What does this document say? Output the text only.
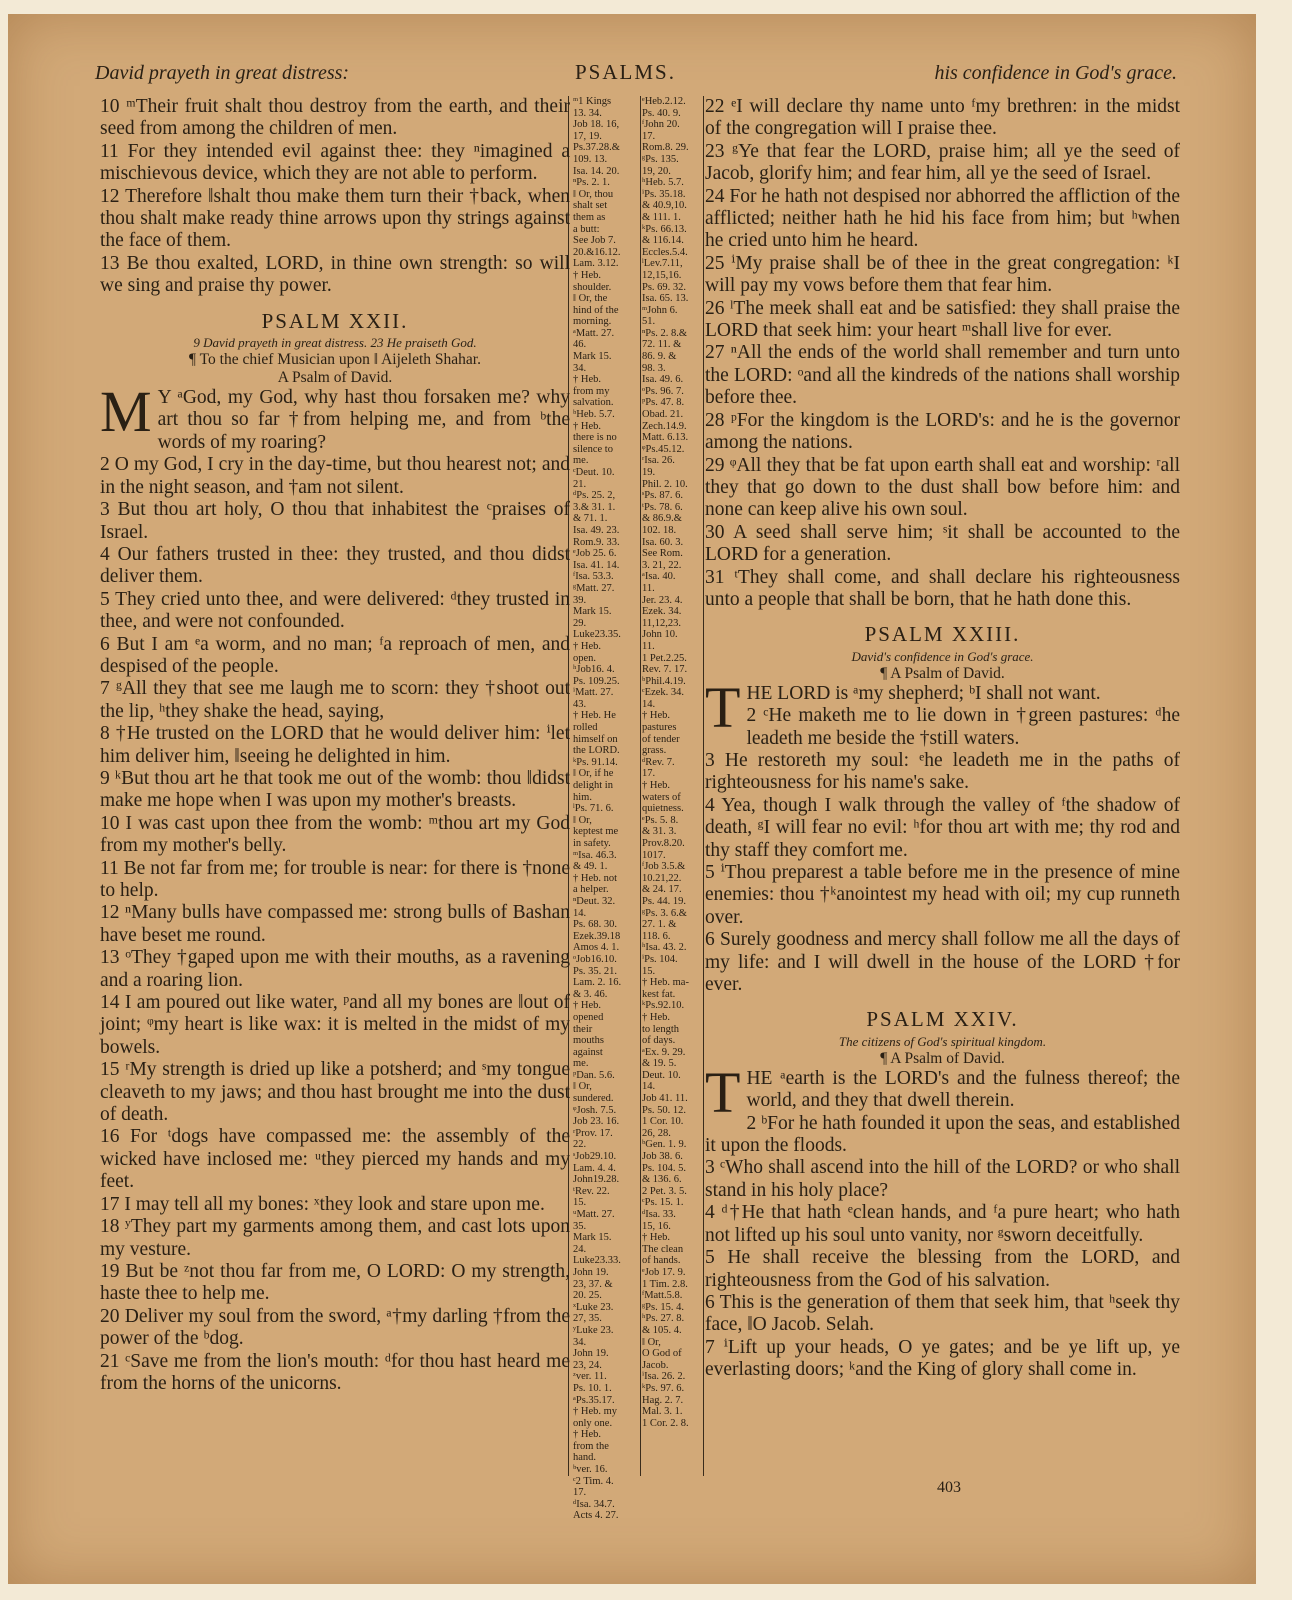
David prayeth in great distress:	PSALMS.	his confidence in God's grace.

10 ᵐTheir fruit shalt thou destroy from the earth, and their seed from among the children of men.

11 For they intended evil against thee: they ⁿimagined a mischievous device, which they are not able to perform.

12 Therefore ‖shalt thou make them turn their †back, when thou shalt make ready thine arrows upon thy strings against the face of them.

13 Be thou exalted, LORD, in thine own strength: so will we sing and praise thy power.

PSALM XXII.
9 David prayeth in great distress. 23 He praiseth God.
¶ To the chief Musician upon ‖ Aijeleth Shahar.
A Psalm of David.

M Y ᵃGod, my God, why hast thou forsaken me? why art thou so far †from helping me, and from ᵇthe words of my roaring?

2 O my God, I cry in the day-time, but thou hearest not; and in the night season, and †am not silent.

3 But thou art holy, O thou that inhabitest the ᶜpraises of Israel.

4 Our fathers trusted in thee: they trusted, and thou didst deliver them.

5 They cried unto thee, and were delivered: ᵈthey trusted in thee, and were not confounded.

6 But I am ᵉa worm, and no man; ᶠa reproach of men, and despised of the people.

7 ᵍAll they that see me laugh me to scorn: they †shoot out the lip, ʰthey shake the head, saying,

8 †He trusted on the LORD that he would deliver him: ⁱlet him deliver him, ‖seeing he delighted in him.

9 ᵏBut thou art he that took me out of the womb: thou ‖didst make me hope when I was upon my mother's breasts.

10 I was cast upon thee from the womb: ᵐthou art my God from my mother's belly.

11 Be not far from me; for trouble is near: for there is †none to help.

12 ⁿMany bulls have compassed me: strong bulls of Bashan have beset me round.

13 ᵒThey †gaped upon me with their mouths, as a ravening and a roaring lion.

14 I am poured out like water, ᵖand all my bones are ‖out of joint; ᵠmy heart is like wax: it is melted in the midst of my bowels.

15 ʳMy strength is dried up like a potsherd; and ˢmy tongue cleaveth to my jaws; and thou hast brought me into the dust of death.

16 For ᵗdogs have compassed me: the assembly of the wicked have inclosed me: ᵘthey pierced my hands and my feet.

17 I may tell all my bones: ˣthey look and stare upon me.

18 ʸThey part my garments among them, and cast lots upon my vesture.

19 But be ᶻnot thou far from me, O LORD: O my strength, haste thee to help me.

20 Deliver my soul from the sword, ᵃ†my darling †from the power of the ᵇdog.

21 ᶜSave me from the lion's mouth: ᵈfor thou hast heard me from the horns of the unicorns.

ᵐ1 Kings
13. 34.
Job 18. 16,
17, 19.
Ps.37.28.&
109. 13.
Isa. 14. 20.
ⁿPs. 2. 1.
‖ Or, thou
shalt set
them as
a butt:
See Job 7.
20.&16.12.
Lam. 3.12.
† Heb.
shoulder.
‖ Or, the
hind of the
morning.
ᵃMatt. 27.
46.
Mark 15.
34.
† Heb.
from my
salvation.
ᵇHeb. 5.7.
† Heb.
there is no
silence to
me.
ᶜDeut. 10.
21.
ᵈPs. 25. 2,
3.& 31. 1.
& 71. 1.
Isa. 49. 23.
Rom.9. 33.
ᵉJob 25. 6.
Isa. 41. 14.
ᶠIsa. 53.3.
ᵍMatt. 27.
39.
Mark 15.
29.
Luke23.35.
† Heb.
open.
ʰJob16. 4.
Ps. 109.25.
ⁱMatt. 27.
43.
† Heb. He
rolled
himself on
the LORD.
ᵏPs. 91.14.
‖ Or, if he
delight in
him.
ˡPs. 71. 6.
‖ Or,
keptest me
in safety.
ᵐIsa. 46.3.
& 49. 1.
† Heb. not
a helper.
ⁿDeut. 32.
14.
Ps. 68. 30.
Ezek.39.18
Amos 4. 1.
ᵒJob16.10.
Ps. 35. 21.
Lam. 2. 16.
& 3. 46.
† Heb.
opened
their
mouths
against
me.
ᵖDan. 5.6.
‖ Or,
sundered.
ᵠJosh. 7.5.
Job 23. 16.
ʳProv. 17.
22.
ˢJob29.10.
Lam. 4. 4.
John19.28.
ᵗRev. 22.
15.
ᵘMatt. 27.
35.
Mark 15.
24.
Luke23.33.
John 19.
23, 37. &
20. 25.
ˣLuke 23.
27, 35.
ʸLuke 23.
34.
John 19.
23, 24.
ᶻver. 11.
Ps. 10. 1.
ᵃPs.35.17.
† Heb. my
only one.
† Heb.
from the
hand.
ᵇver. 16.
ᶜ2 Tim. 4.
17.
ᵈIsa. 34.7.
Acts 4. 27.
ᵉHeb.2.12.
Ps. 40. 9.
ᶠJohn 20.
17.
Rom.8. 29.
ᵍPs. 135.
19, 20.
ʰHeb. 5.7.
ⁱPs. 35.18.
& 40.9,10.
& 111. 1.
ᵏPs. 66.13.
& 116.14.
Eccles.5.4.
ˡLev.7.11,
12,15,16.
Ps. 69. 32.
Isa. 65. 13.
ᵐJohn 6.
51.
ⁿPs. 2. 8.&
72. 11. &
86. 9. &
98. 3.
Isa. 49. 6.
ᵒPs. 96. 7.
ᵖPs. 47. 8.
Obad. 21.
Zech.14.9.
Matt. 6.13.
ᵠPs.45.12.
ʳIsa. 26.
19.
Phil. 2. 10.
ˢPs. 87. 6.
ᵗPs. 78. 6.
& 86.9.&
102. 18.
Isa. 60. 3.
See Rom.
3. 21, 22.
ᵃIsa. 40.
11.
Jer. 23. 4.
Ezek. 34.
11,12,23.
John 10.
11.
1 Pet.2.25.
Rev. 7. 17.
ᵇPhil.4.19.
ᶜEzek. 34.
14.
† Heb.
pastures
of tender
grass.
ᵈRev. 7.
17.
† Heb.
waters of
quietness.
ᵉPs. 5. 8.
& 31. 3.
Prov.8.20.
1017.
ᶠJob 3.5.&
10.21,22.
& 24. 17.
Ps. 44. 19.
ᵍPs. 3. 6.&
27. 1. &
118. 6.
ʰIsa. 43. 2.
ⁱPs. 104.
15.
† Heb. ma-
kest fat.
ᵏPs.92.10.
† Heb.
to length
of days.
ᵃEx. 9. 29.
& 19. 5.
Deut. 10.
14.
Job 41. 11.
Ps. 50. 12.
1 Cor. 10.
26, 28.
ᵇGen. 1. 9.
Job 38. 6.
Ps. 104. 5.
& 136. 6.
2 Pet. 3. 5.
ᶜPs. 15. 1.
ᵈIsa. 33.
15, 16.
† Heb.
The clean
of hands.
ᵉJob 17. 9.
1 Tim. 2.8.
ᶠMatt.5.8.
ᵍPs. 15. 4.
ʰPs. 27. 8.
& 105. 4.
‖ Or,
O God of
Jacob.
ⁱIsa. 26. 2.
ᵏPs. 97. 6.
Hag. 2. 7.
Mal. 3. 1.
1 Cor. 2. 8.

22 ᵉI will declare thy name unto ᶠmy brethren: in the midst of the congregation will I praise thee.

23 ᵍYe that fear the LORD, praise him; all ye the seed of Jacob, glorify him; and fear him, all ye the seed of Israel.

24 For he hath not despised nor abhorred the affliction of the afflicted; neither hath he hid his face from him; but ʰwhen he cried unto him he heard.

25 ⁱMy praise shall be of thee in the great congregation: ᵏI will pay my vows before them that fear him.

26 ˡThe meek shall eat and be satisfied: they shall praise the LORD that seek him: your heart ᵐshall live for ever.

27 ⁿAll the ends of the world shall remember and turn unto the LORD: ᵒand all the kindreds of the nations shall worship before thee.

28 ᵖFor the kingdom is the LORD's: and he is the governor among the nations.

29 ᵠAll they that be fat upon earth shall eat and worship: ʳall they that go down to the dust shall bow before him: and none can keep alive his own soul.

30 A seed shall serve him; ˢit shall be accounted to the LORD for a generation.

31 ᵗThey shall come, and shall declare his righteousness unto a people that shall be born, that he hath done this.

PSALM XXIII.
David's confidence in God's grace.
¶ A Psalm of David.

THE LORD is ᵃmy shepherd; ᵇI shall not want.

2 ᶜHe maketh me to lie down in †green pastures: ᵈhe leadeth me beside the †still waters.

3 He restoreth my soul: ᵉhe leadeth me in the paths of righteousness for his name's sake.

4 Yea, though I walk through the valley of ᶠthe shadow of death, ᵍI will fear no evil: ʰfor thou art with me; thy rod and thy staff they comfort me.

5 ⁱThou preparest a table before me in the presence of mine enemies: thou †ᵏanointest my head with oil; my cup runneth over.

6 Surely goodness and mercy shall follow me all the days of my life: and I will dwell in the house of the LORD †for ever.

PSALM XXIV.
The citizens of God's spiritual kingdom.
¶ A Psalm of David.

THE ᵃearth is the LORD's and the fulness thereof; the world, and they that dwell therein.

2 ᵇFor he hath founded it upon the seas, and established it upon the floods.

3 ᶜWho shall ascend into the hill of the LORD? or who shall stand in his holy place?

4 ᵈ†He that hath ᵉclean hands, and ᶠa pure heart; who hath not lifted up his soul unto vanity, nor ᵍsworn deceitfully.

5 He shall receive the blessing from the LORD, and righteousness from the God of his salvation.

6 This is the generation of them that seek him, that ʰseek thy face, ‖O Jacob. Selah.

7 ⁱLift up your heads, O ye gates; and be ye lift up, ye everlasting doors; ᵏand the King of glory shall come in.

403
